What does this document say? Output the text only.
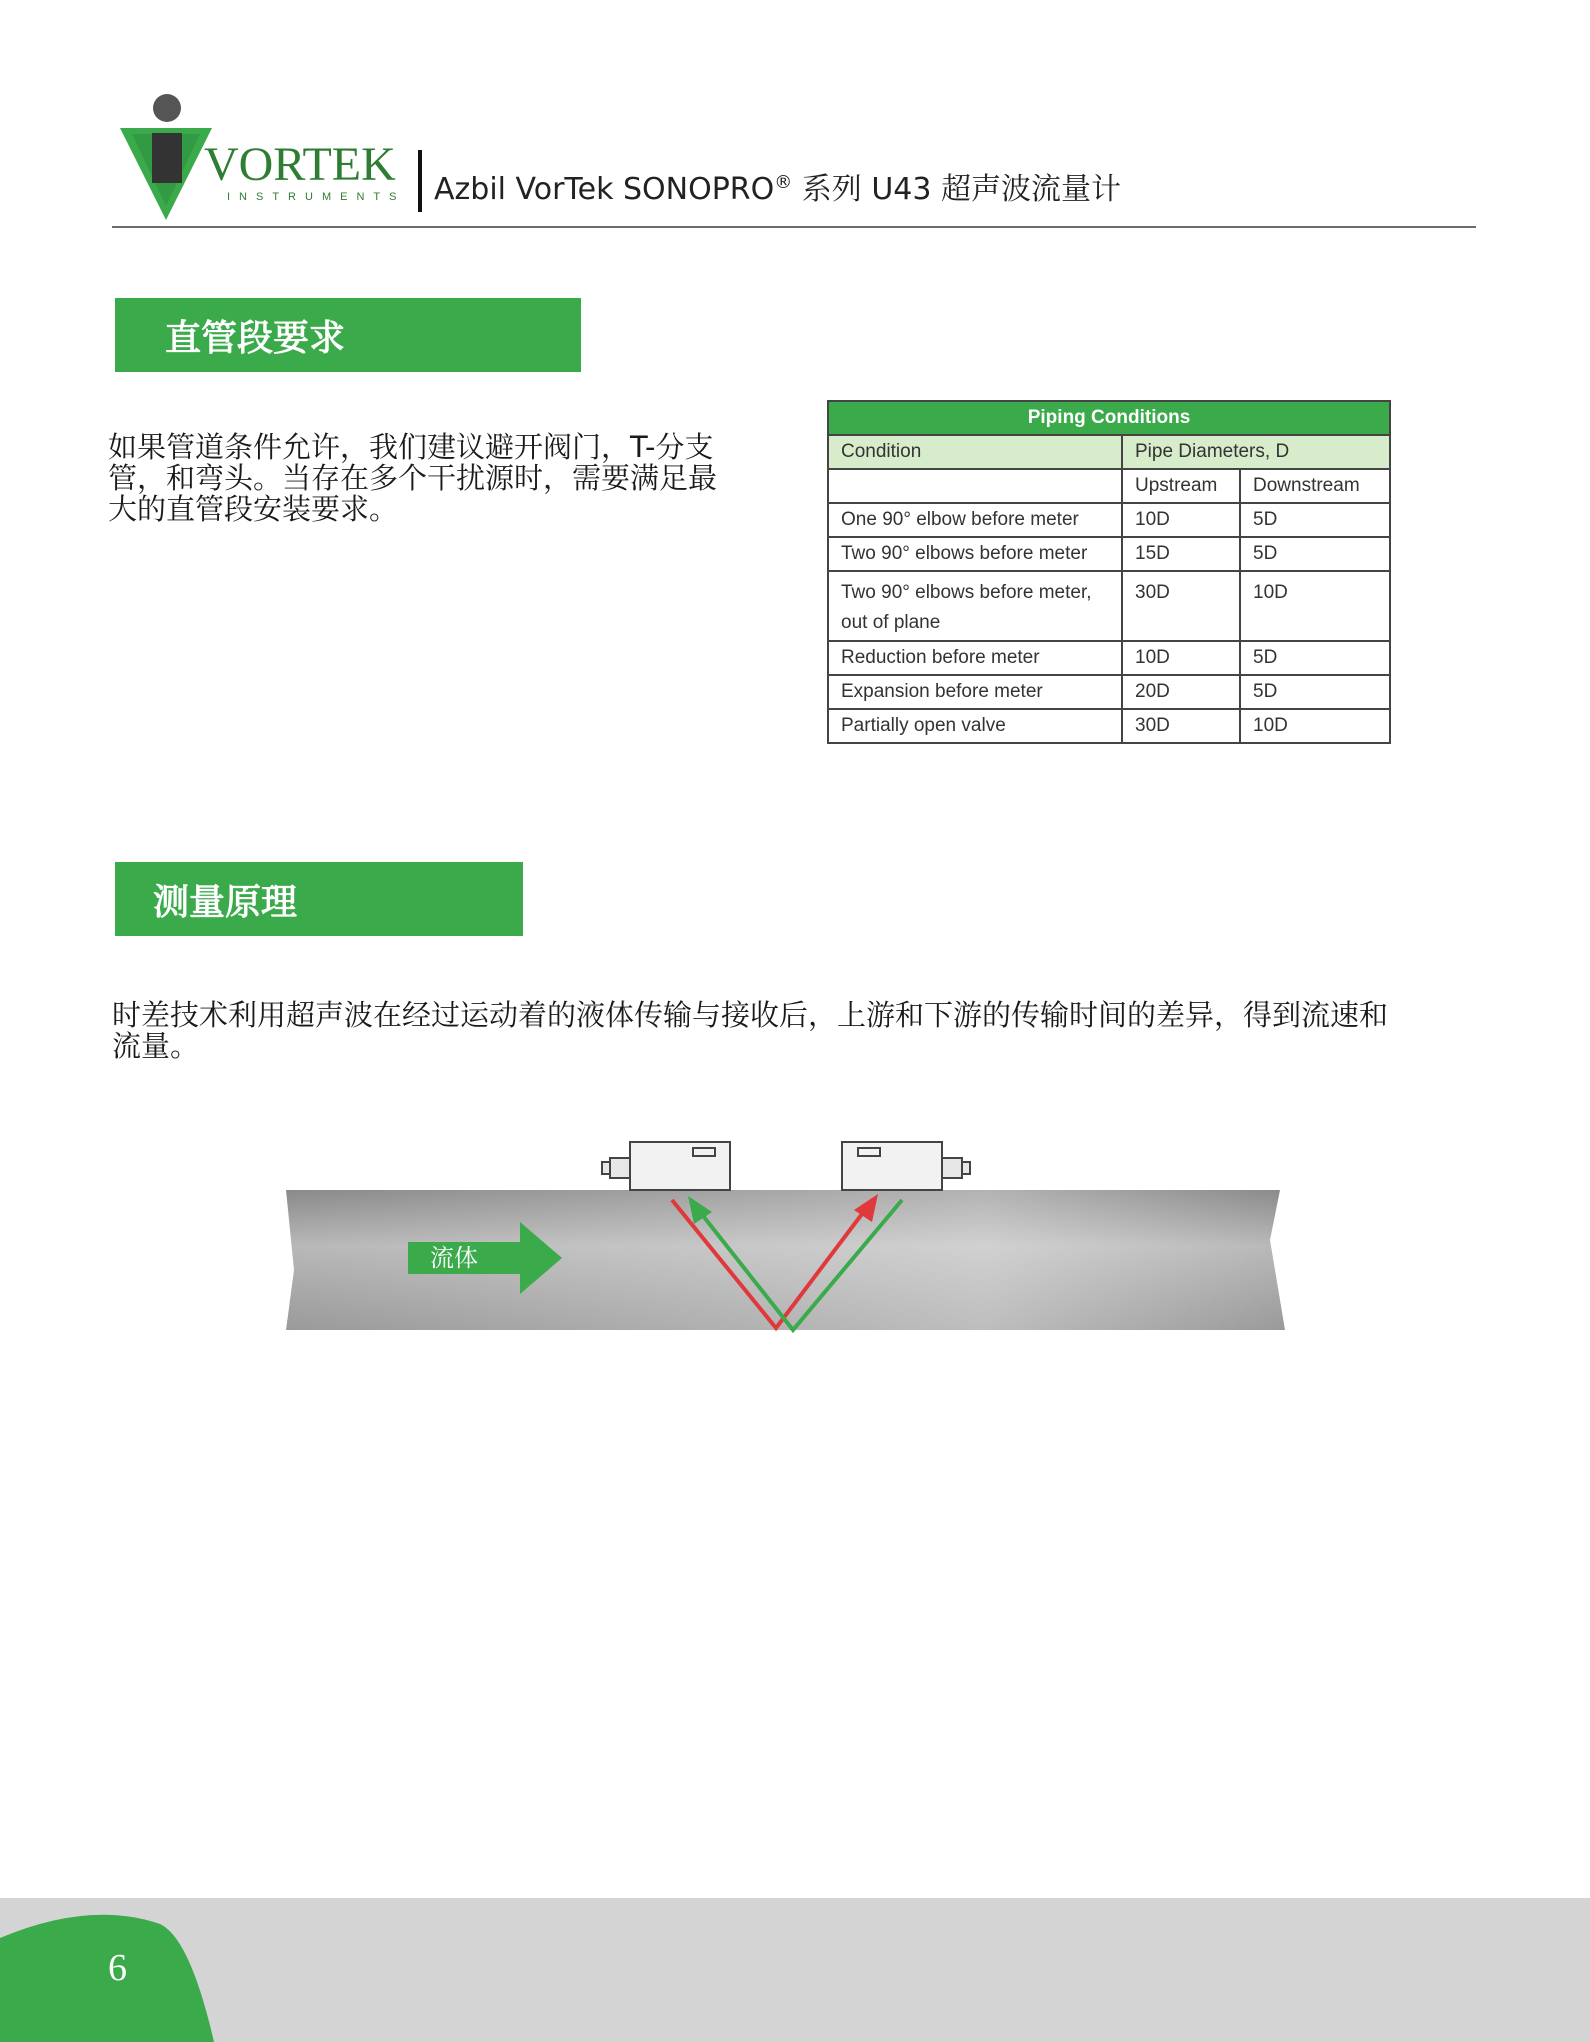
VORTEK
INSTRUMENTS Azbil VorTek SONOPRO® 系列 U43 超声波流量计
直管段要求
如果管道条件允许，我们建议避开阀门，T-分支管，和弯头。当存在多个干扰源时，需要满足最大的直管段安装要求。
Piping Conditions		
Condition	Pipe Diameters, D	
	Upstream	Downstream
One 90° elbow before meter	10D	5D
Two 90° elbows before meter	15D	5D
Two 90° elbows before meter, out of plane	30D	10D
Reduction before meter	10D	5D
Expansion before meter	20D	5D
Partially open valve	30D	10D
测量原理
时差技术利用超声波在经过运动着的液体传输与接收后，上游和下游的传输时间的差异，得到流速和流量。
流体
6
